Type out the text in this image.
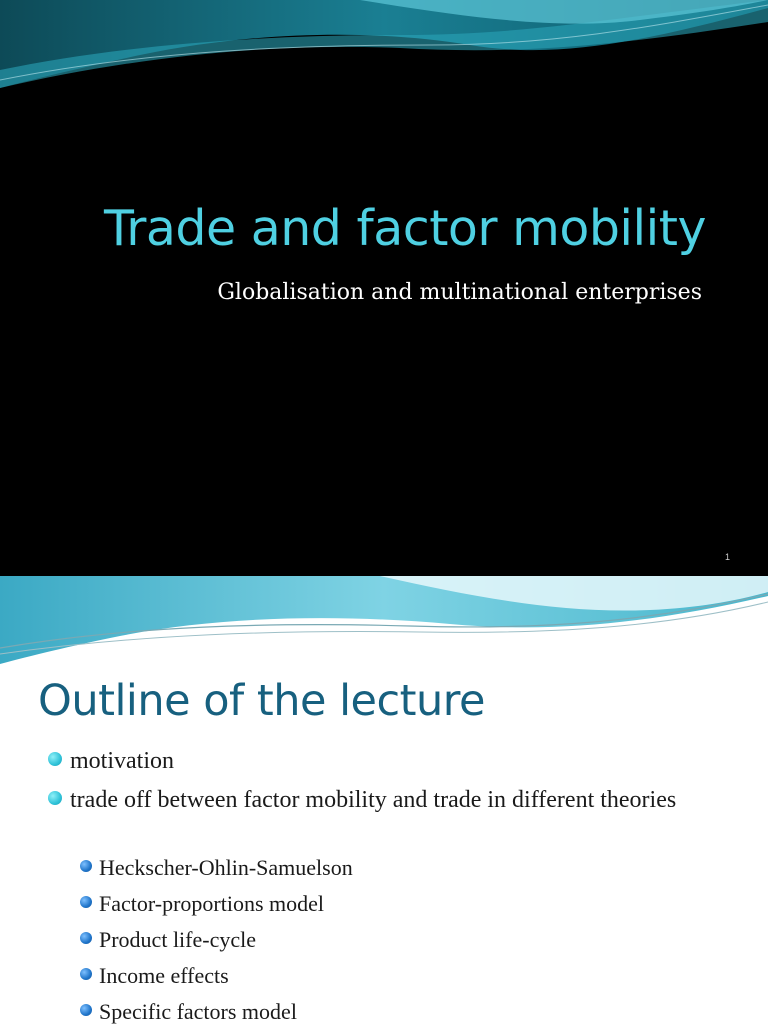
Trade and factor mobility
Globalisation and multinational enterprises
1
Outline of the lecture
motivation
trade off between factor mobility and trade in different theories
Heckscher-Ohlin-Samuelson
Factor-proportions model
Product life-cycle
Income effects
Specific factors model
